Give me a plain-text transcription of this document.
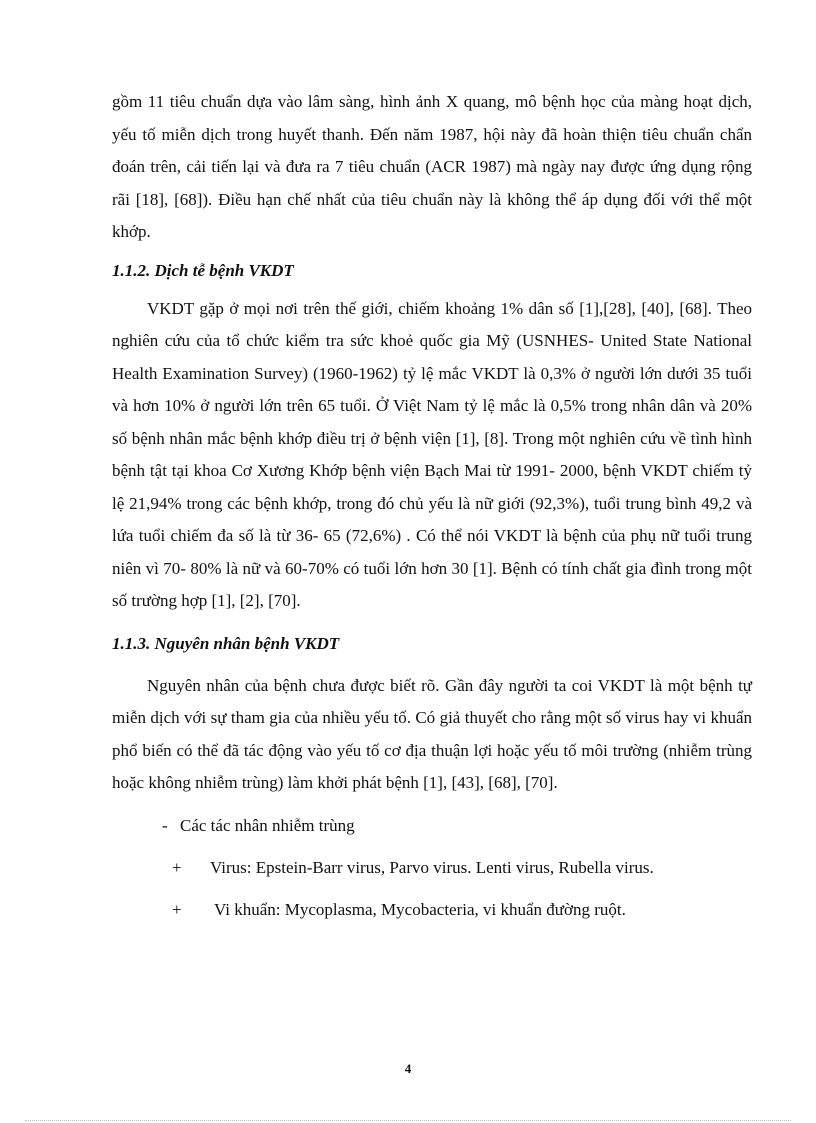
gồm 11 tiêu chuẩn dựa vào lâm sàng, hình ảnh X quang, mô bệnh học của màng hoạt dịch, yếu tố miễn dịch trong huyết thanh. Đến năm 1987, hội này đã hoàn thiện tiêu chuẩn chẩn đoán trên, cải tiến lại và đưa ra 7 tiêu chuẩn (ACR 1987) mà ngày nay được ứng dụng rộng rãi [18], [68]). Điều hạn chế nhất của tiêu chuẩn này là không thể áp dụng đối với thể một khớp.

1.1.2. Dịch tễ bệnh VKDT

VKDT gặp ở mọi nơi trên thế giới, chiếm khoảng 1% dân số [1],[28], [40], [68]. Theo nghiên cứu của tổ chức kiểm tra sức khoẻ quốc gia Mỹ (USNHES- United State National Health Examination Survey) (1960-1962) tỷ lệ mắc VKDT là 0,3% ở người lớn dưới 35 tuổi và hơn 10% ở người lớn trên 65 tuổi. Ở Việt Nam tỷ lệ mắc là 0,5% trong nhân dân và 20% số bệnh nhân mắc bệnh khớp điều trị ở bệnh viện [1], [8]. Trong một nghiên cứu về tình hình bệnh tật tại khoa Cơ Xương Khớp bệnh viện Bạch Mai từ 1991- 2000, bệnh VKDT chiếm tỷ lệ 21,94% trong các bệnh khớp, trong đó chủ yếu là nữ giới (92,3%), tuổi trung bình 49,2 và lứa tuổi chiếm đa số là từ 36- 65 (72,6%) . Có thể nói VKDT là bệnh của phụ nữ tuổi trung niên vì 70- 80% là nữ và 60-70% có tuổi lớn hơn 30 [1]. Bệnh có tính chất gia đình trong một số trường hợp [1], [2], [70].

1.1.3. Nguyên nhân bệnh VKDT

Nguyên nhân của bệnh chưa được biết rõ. Gần đây người ta coi VKDT là một bệnh tự miễn dịch với sự tham gia của nhiều yếu tố. Có giả thuyết cho rằng một số virus hay vi khuẩn phổ biến có thể đã tác động vào yếu tố cơ địa thuận lợi hoặc yếu tố môi trường (nhiễm trùng hoặc không nhiễm trùng) làm khởi phát bệnh [1], [43], [68], [70].

- Các tác nhân nhiễm trùng
+	Virus: Epstein-Barr virus, Parvo virus. Lenti virus, Rubella virus.
+	Vi khuẩn: Mycoplasma, Mycobacteria, vi khuẩn đường ruột.
4
